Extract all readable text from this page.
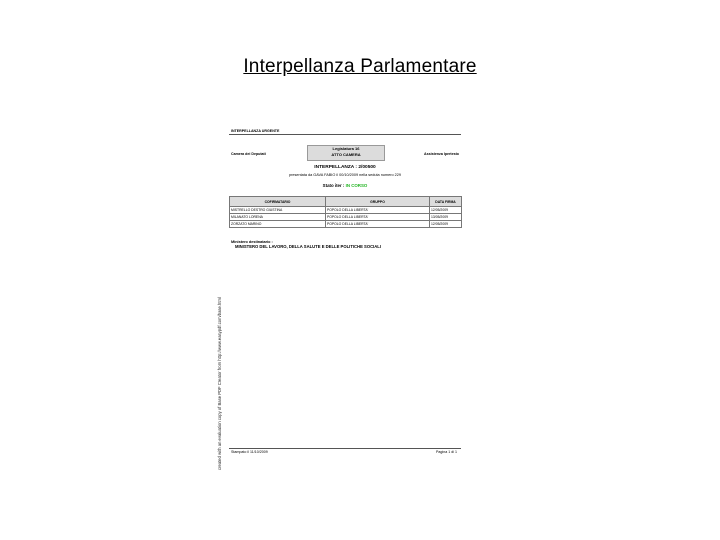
Interpellanza Parlamentare
created with an evaluation copy of Base PDF Creator from http://www.easypdf.com/base.html
INTERPELLANZA URGENTE
Camera dei Deputati	Assistenza Ipertesto
Legislatura 16
ATTO CAMERA
INTERPELLANZA : 2/00500
presentata da GAVA FABIO il 00/10/2009 nella seduta numero 229
Stato iter : IN CORSO
COFIRMATARIO	GRUPPO	DATA FIRMA
MISTRELLO DESTRO GIUSTINA	POPOLO DELLA LIBERTA'	12/05/2009
MILANATO LORENA	POPOLO DELLA LIBERTA'	13/05/2009
ZORZATO MARINO	POPOLO DELLA LIBERTA'	12/05/2009
Ministero destinatario :
MINISTERO DEL LAVORO, DELLA SALUTE E DELLE POLITICHE SOCIALI
Stampato il 11/10/2009	Pagina 1 di 1
